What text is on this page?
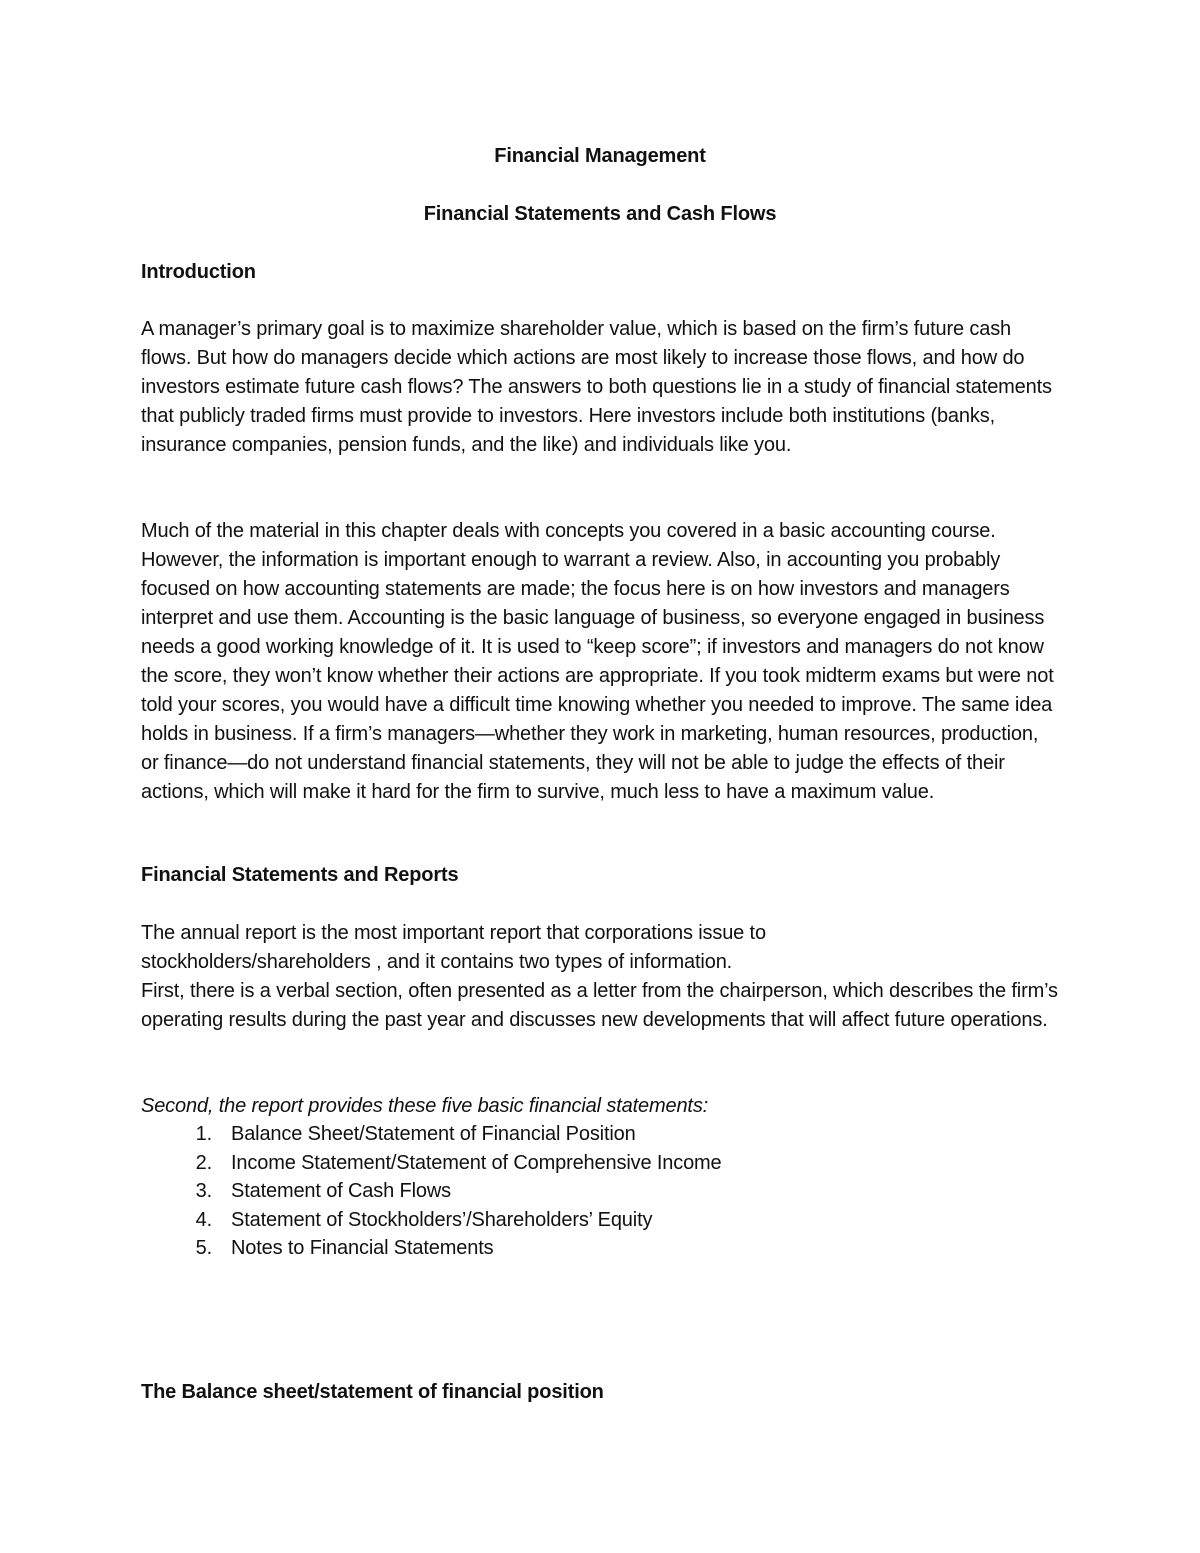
Financial Management

Financial Statements and Cash Flows

Introduction

A manager’s primary goal is to maximize shareholder value, which is based on the firm’s future cash flows. But how do managers decide which actions are most likely to increase those flows, and how do investors estimate future cash flows? The answers to both questions lie in a study of financial statements that publicly traded firms must provide to investors. Here investors include both institutions (banks, insurance companies, pension funds, and the like) and individuals like you.

Much of the material in this chapter deals with concepts you covered in a basic accounting course. However, the information is important enough to warrant a review. Also, in accounting you probably focused on how accounting statements are made; the focus here is on how investors and managers interpret and use them. Accounting is the basic language of business, so everyone engaged in business needs a good working knowledge of it. It is used to “keep score”; if investors and managers do not know the score, they won’t know whether their actions are appropriate. If you took midterm exams but were not told your scores, you would have a difficult time knowing whether you needed to improve. The same idea holds in business. If a firm’s managers—whether they work in marketing, human resources, production, or finance—do not understand financial statements, they will not be able to judge the effects of their actions, which will make it hard for the firm to survive, much less to have a maximum value.

Financial Statements and Reports

The annual report is the most important report that corporations issue to stockholders/shareholders , and it contains two types of information.

First, there is a verbal section, often presented as a letter from the chairperson, which describes the firm’s operating results during the past year and discusses new developments that will affect future operations.

Second, the report provides these five basic financial statements:

1. Balance Sheet/Statement of Financial Position
2. Income Statement/Statement of Comprehensive Income
3. Statement of Cash Flows
4. Statement of Stockholders’/Shareholders’ Equity
5. Notes to Financial Statements

The Balance sheet/statement of financial position
